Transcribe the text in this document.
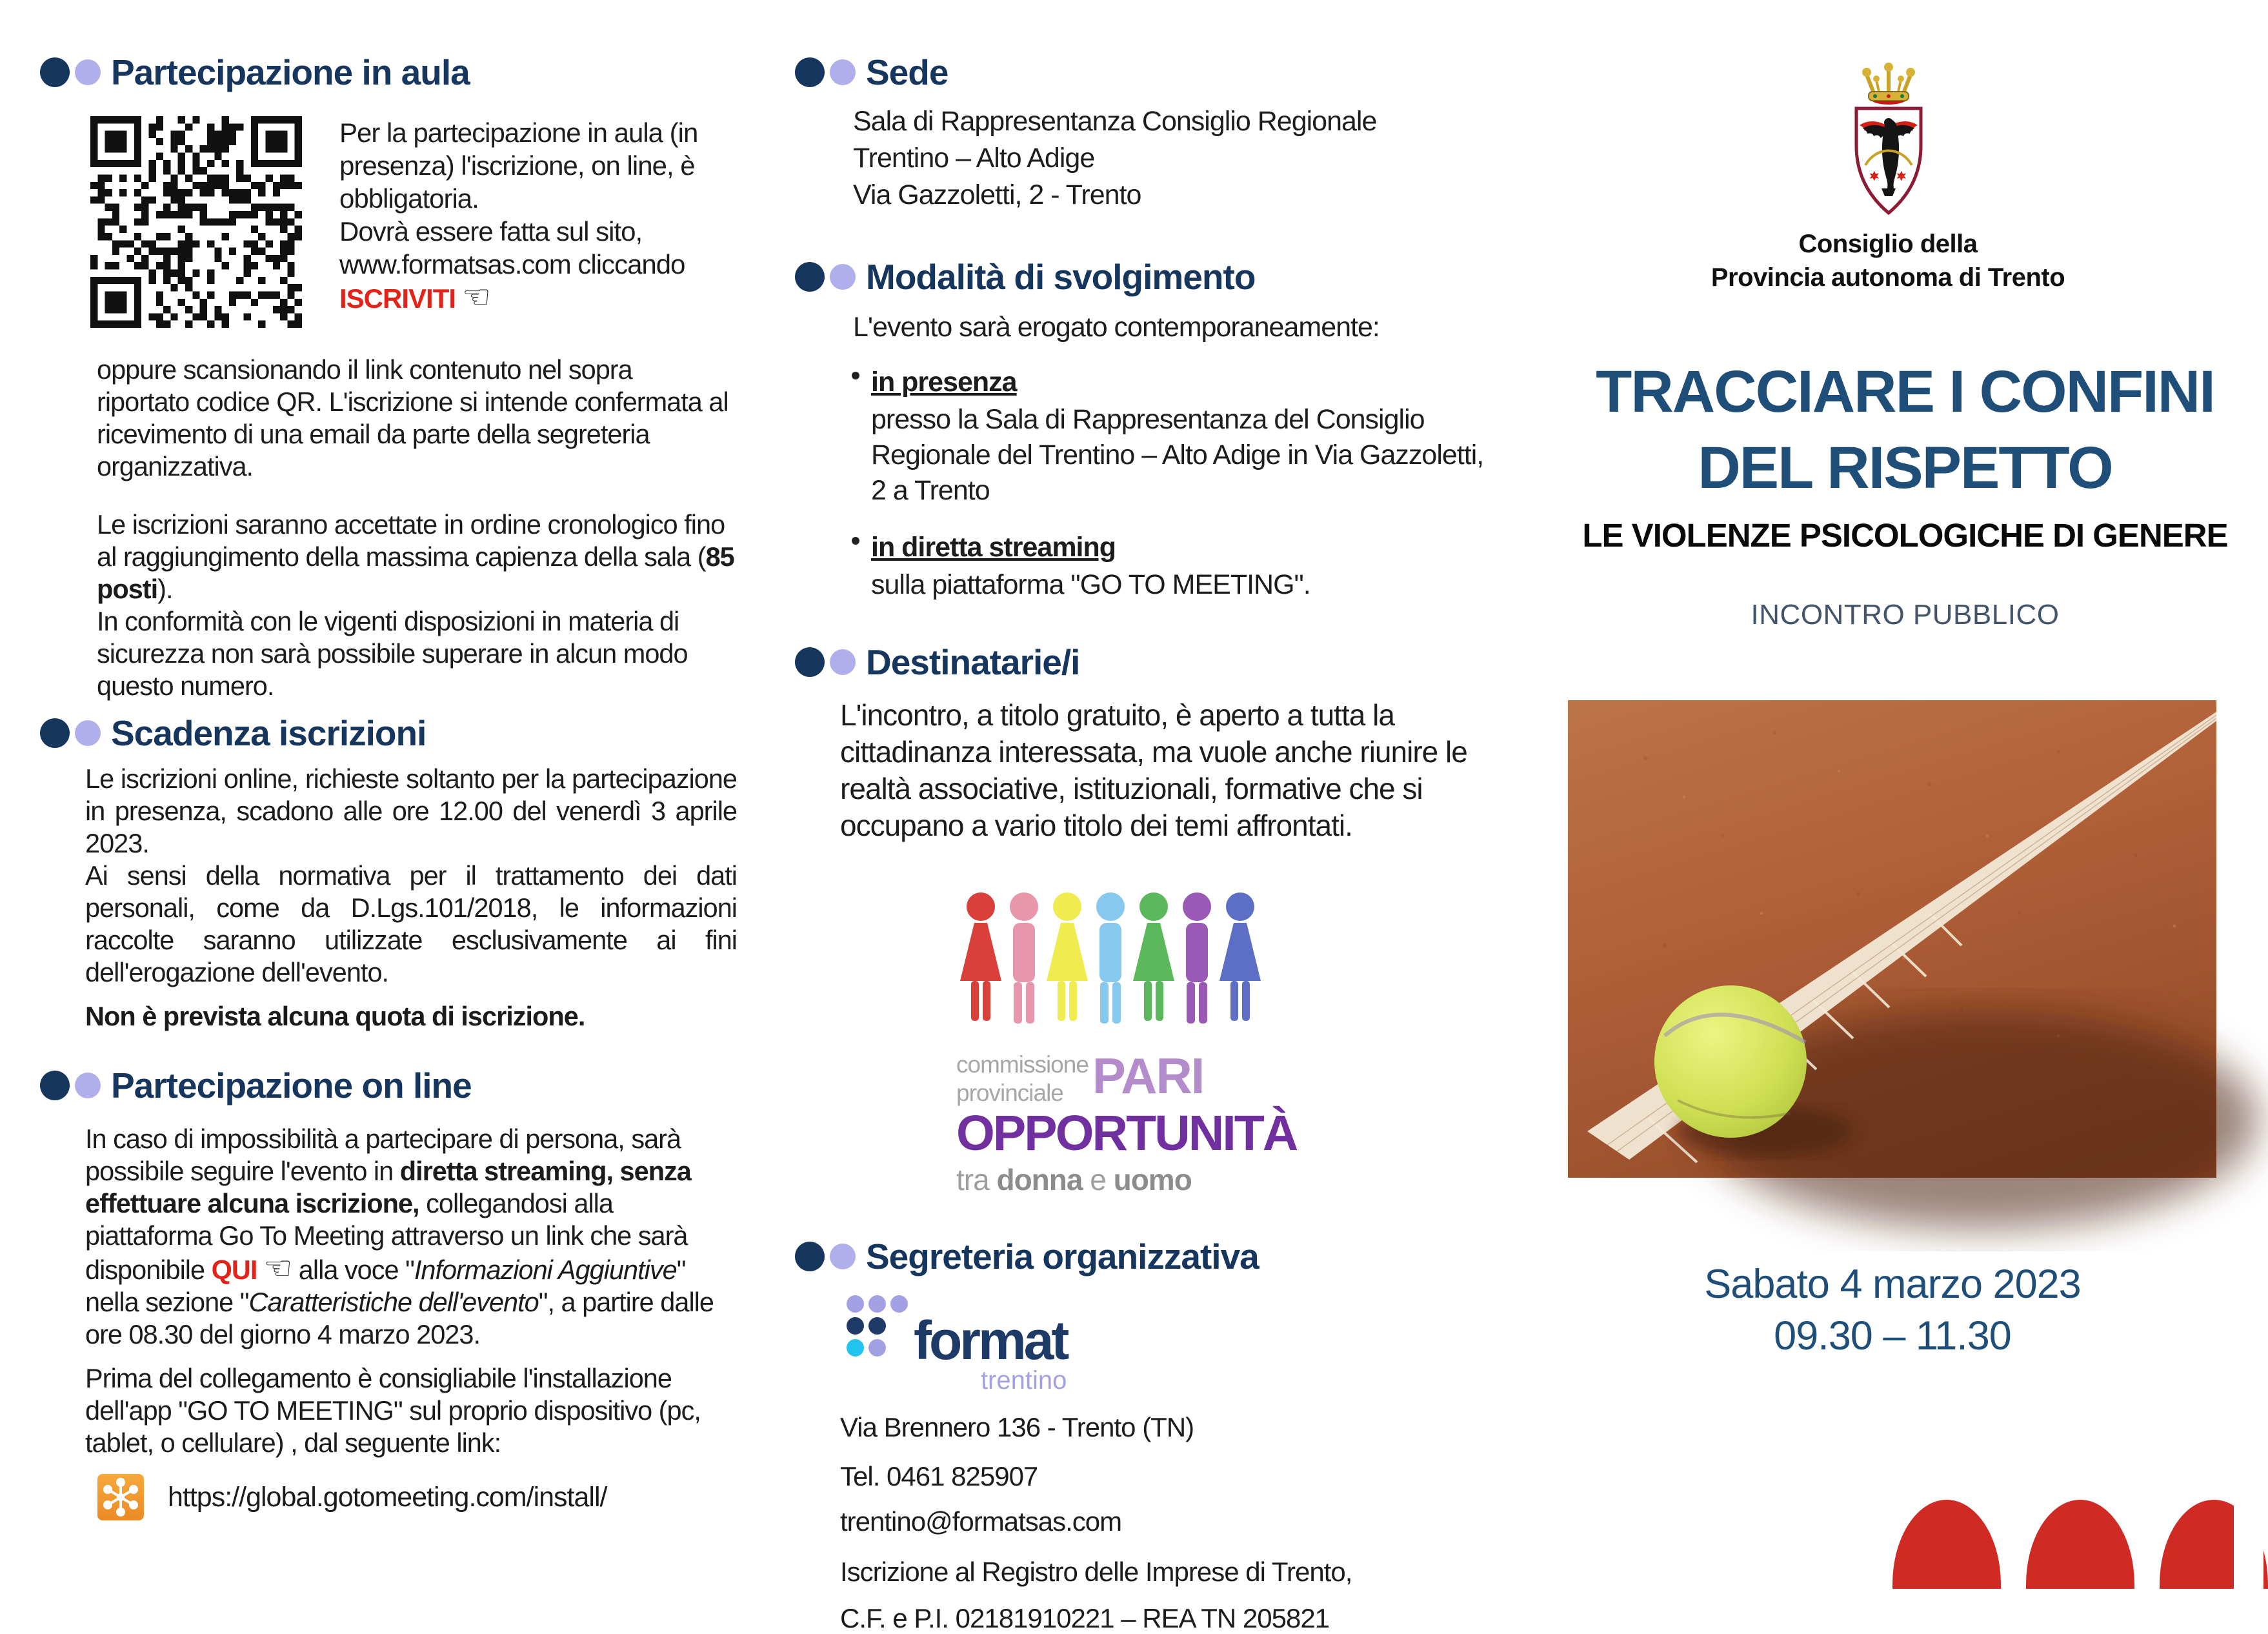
Partecipazione in aula

Per la partecipazione in aula (in presenza) l'iscrizione, on line, è obbligatoria.
Dovrà essere fatta sul sito, www.formatsas.com cliccando ISCRIVITI ☜

oppure scansionando il link contenuto nel sopra riportato codice QR. L'iscrizione si intende confermata al ricevimento di una email da parte della segreteria organizzativa.

Le iscrizioni saranno accettate in ordine cronologico fino al raggiungimento della massima capienza della sala (85 posti).
In conformità con le vigenti disposizioni in materia di sicurezza non sarà possibile superare in alcun modo questo numero.

Scadenza iscrizioni

Le iscrizioni online, richieste soltanto per la partecipazione in presenza, scadono alle ore 12.00 del venerdì 3 aprile 2023.
Ai sensi della normativa per il trattamento dei dati personali, come da D.Lgs.101/2018, le informazioni raccolte saranno utilizzate esclusivamente ai fini dell'erogazione dell'evento.

Non è prevista alcuna quota di iscrizione.

Partecipazione on line

In caso di impossibilità a partecipare di persona, sarà possibile seguire l'evento in diretta streaming, senza effettuare alcuna iscrizione, collegandosi alla piattaforma Go To Meeting attraverso un link che sarà disponibile QUI ☜ alla voce "Informazioni Aggiuntive" nella sezione "Caratteristiche dell'evento", a partire dalle ore 08.30 del giorno 4 marzo 2023.

Prima del collegamento è consigliabile l'installazione dell'app "GO TO MEETING" sul proprio dispositivo (pc, tablet, o cellulare) , dal seguente link:

https://global.gotomeeting.com/install/
Sede

Sala di Rappresentanza Consiglio Regionale
Trentino – Alto Adige
Via Gazzoletti, 2 - Trento

Modalità di svolgimento

L'evento sarà erogato contemporaneamente:

in presenza
presso la Sala di Rappresentanza del Consiglio Regionale del Trentino – Alto Adige in Via Gazzoletti, 2 a Trento
in diretta streaming
sulla piattaforma "GO TO MEETING".
Destinatarie/i

L'incontro, a titolo gratuito, è aperto a tutta la cittadinanza interessata, ma vuole anche riunire le realtà associative, istituzionali, formative che si occupano a vario titolo dei temi affrontati.

commissione
provinciale PARI
OPPORTUNITÀ
tra donna e uomo
Segreteria organizzativa
format
trentino

Via Brennero 136 - Trento (TN)

Tel. 0461 825907

trentino@formatsas.com

Iscrizione al Registro delle Imprese di Trento,

C.F. e P.I. 02181910221 – REA TN 205821

Consiglio della
Provincia autonoma di Trento
TRACCIARE I CONFINI
DEL RISPETTO
LE VIOLENZE PSICOLOGICHE DI GENERE
INCONTRO PUBBLICO
Sabato 4 marzo 2023
09.30 – 11.30
